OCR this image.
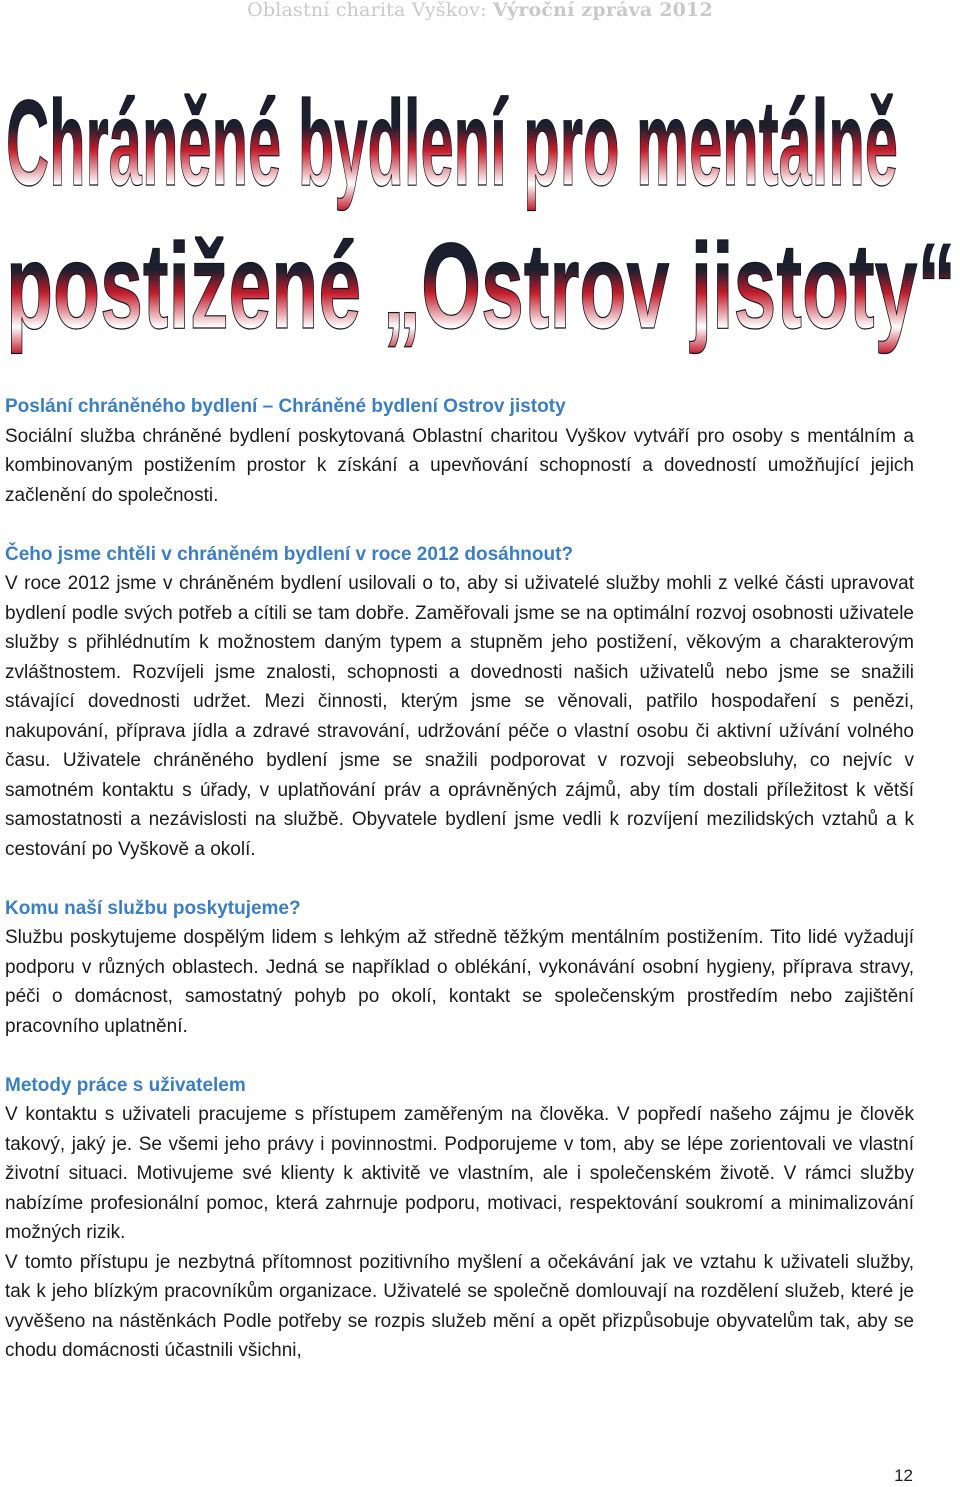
Oblastní charita Vyškov: Výroční zpráva 2012
Chráněné bydlení pro mentálně
postižené „Ostrov jistoty“
Poslání chráněného bydlení – Chráněné bydlení Ostrov jistoty

Sociální služba chráněné bydlení poskytovaná Oblastní charitou Vyškov vytváří pro osoby s mentálním a kombinovaným postižením prostor k získání a upevňování schopností a dovedností umožňující jejich začlenění do společnosti.

Čeho jsme chtěli v chráněném bydlení v roce 2012 dosáhnout?

V roce 2012 jsme v chráněném bydlení usilovali o to, aby si uživatelé služby mohli z velké části upravovat bydlení podle svých potřeb a cítili se tam dobře. Zaměřovali jsme se na optimální rozvoj osobnosti uživatele služby s přihlédnutím k možnostem daným typem a stupněm jeho postižení, věkovým a charakterovým zvláštnostem. Rozvíjeli jsme znalosti, schopnosti a dovednosti našich uživatelů nebo jsme se snažili stávající dovednosti udržet. Mezi činnosti, kterým jsme se věnovali, patřilo hospodaření s penězi, nakupování, příprava jídla a zdravé stravování, udržování péče o vlastní osobu či aktivní užívání volného času. Uživatele chráněného bydlení jsme se snažili podporovat v rozvoji sebeobsluhy, co nejvíc v samotném kontaktu s úřady, v uplatňování práv a oprávněných zájmů, aby tím dostali příležitost k větší samostatnosti a nezávislosti na službě. Obyvatele bydlení jsme vedli k rozvíjení mezilidských vztahů a k cestování po Vyškově a okolí.

Komu naší službu poskytujeme?

Službu poskytujeme dospělým lidem s lehkým až středně těžkým mentálním postižením. Tito lidé vyžadují podporu v různých oblastech. Jedná se například o oblékání, vykonávání osobní hygieny, příprava stravy, péči o domácnost, samostatný pohyb po okolí, kontakt se společenským prostředím nebo zajištění pracovního uplatnění.

Metody práce s uživatelem

V kontaktu s uživateli pracujeme s přístupem zaměřeným na člověka. V popředí našeho zájmu je člověk takový, jaký je. Se všemi jeho právy i povinnostmi. Podporujeme v tom, aby se lépe zorientovali ve vlastní životní situaci. Motivujeme své klienty k aktivitě ve vlastním, ale i společenském životě. V rámci služby nabízíme profesionální pomoc, která zahrnuje podporu, motivaci, respektování soukromí a minimalizování možných rizik.

V tomto přístupu je nezbytná přítomnost pozitivního myšlení a očekávání jak ve vztahu k uživateli služby, tak k jeho blízkým pracovníkům organizace. Uživatelé se společně domlouvají na rozdělení služeb, které je vyvěšeno na nástěnkách Podle potřeby se rozpis služeb mění a opět přizpůsobuje obyvatelům tak, aby se chodu domácnosti účastnili všichni,

12
